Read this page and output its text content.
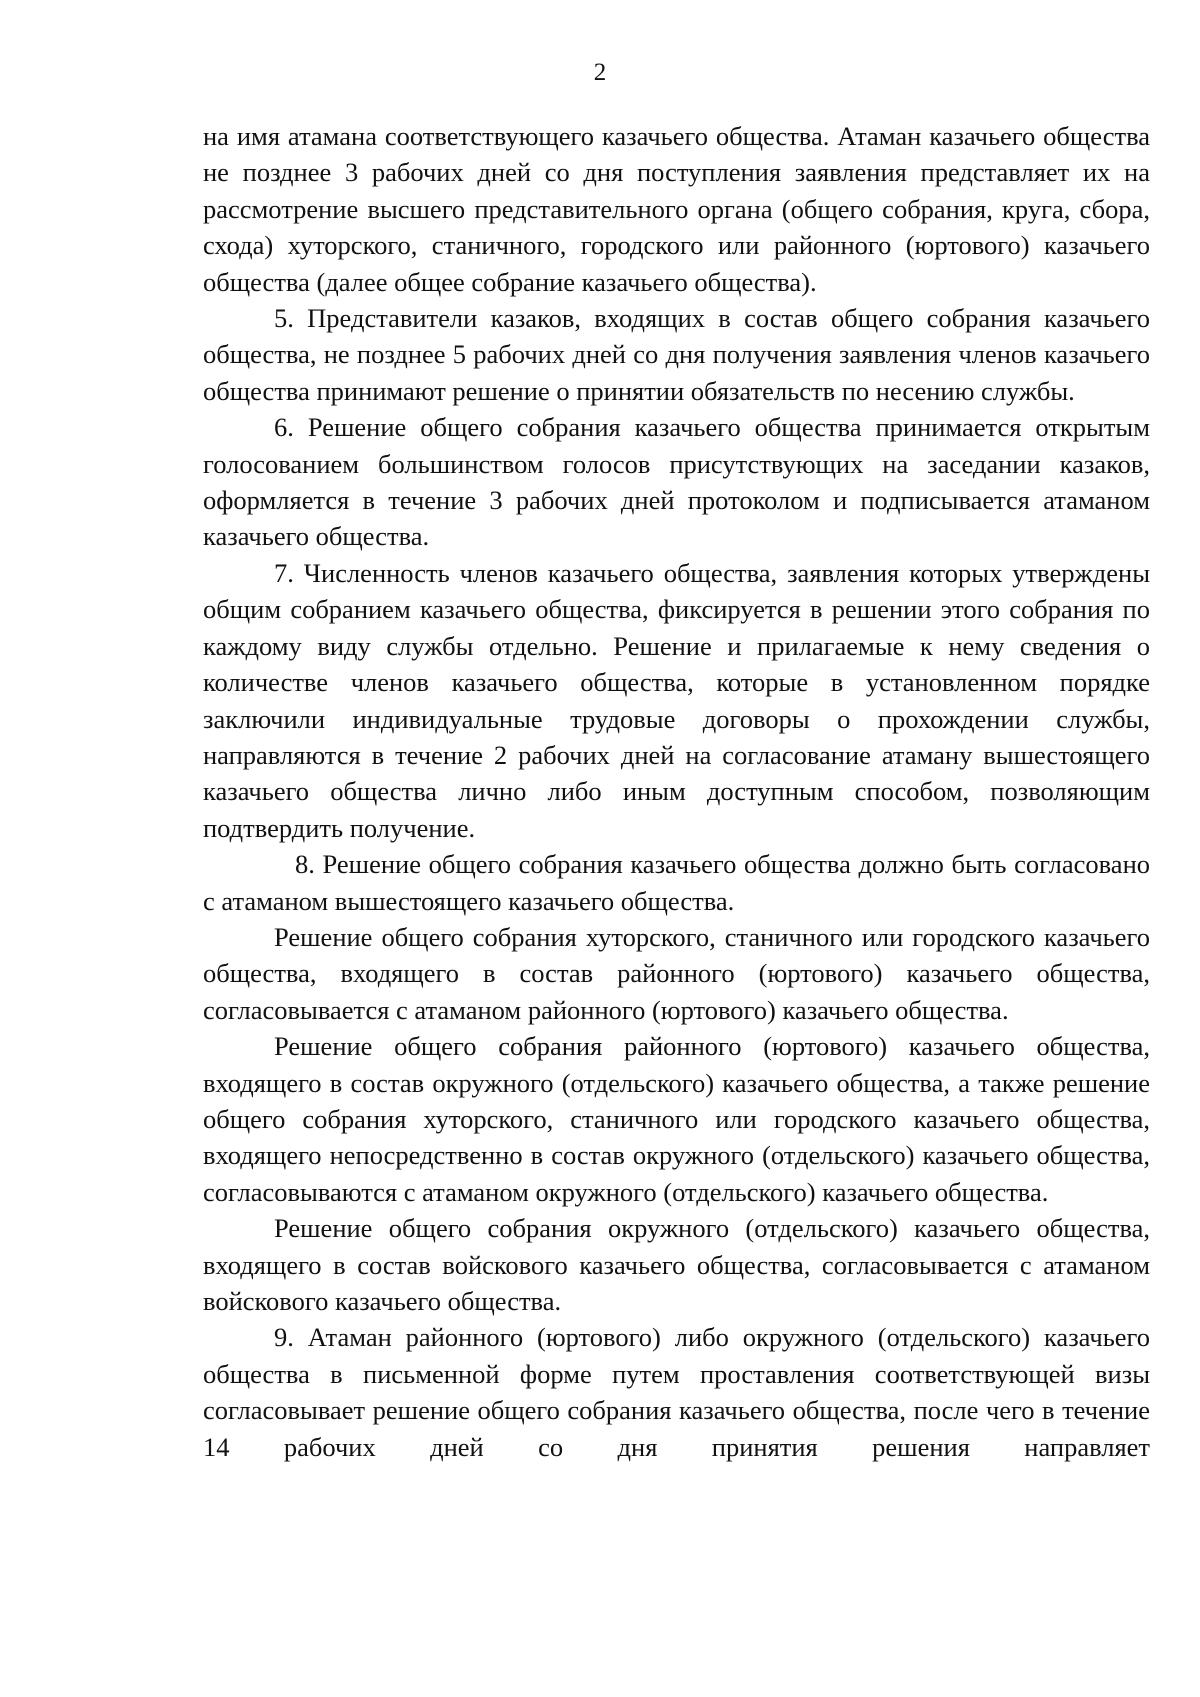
2

на имя атамана соответствующего казачьего общества. Атаман казачьего общества не позднее 3 рабочих дней со дня поступления заявления представляет их на рассмотрение высшего представительного органа (общего собрания, круга, сбора, схода) хуторского, станичного, городского или районного (юртового) казачьего общества (далее общее собрание казачьего общества).

5. Представители казаков, входящих в состав общего собрания казачьего общества, не позднее 5 рабочих дней со дня получения заявления членов казачьего общества принимают решение о принятии обязательств по несению службы.

6. Решение общего собрания казачьего общества принимается открытым голосованием большинством голосов присутствующих на заседании казаков, оформляется в течение 3 рабочих дней протоколом и подписывается атаманом казачьего общества.

7. Численность членов казачьего общества, заявления которых утверждены общим собранием казачьего общества, фиксируется в решении этого собрания по каждому виду службы отдельно. Решение и прилагаемые к нему сведения о количестве членов казачьего общества, которые в установленном порядке заключили индивидуальные трудовые договоры о прохождении службы, направляются в течение 2 рабочих дней на согласование атаману вышестоящего казачьего общества лично либо иным доступным способом, позволяющим подтвердить получение.

8. Решение общего собрания казачьего общества должно быть согласовано с атаманом вышестоящего казачьего общества.

Решение общего собрания хуторского, станичного или городского казачьего общества, входящего в состав районного (юртового) казачьего общества, согласовывается с атаманом районного (юртового) казачьего общества.

Решение общего собрания районного (юртового) казачьего общества, входящего в состав окружного (отдельского) казачьего общества, а также решение общего собрания хуторского, станичного или городского казачьего общества, входящего непосредственно в состав окружного (отдельского) казачьего общества, согласовываются с атаманом окружного (отдельского) казачьего общества.

Решение общего собрания окружного (отдельского) казачьего общества, входящего в состав войскового казачьего общества, согласовывается с атаманом войскового казачьего общества.

9. Атаман районного (юртового) либо окружного (отдельского) казачьего общества в письменной форме путем проставления соответствующей визы согласовывает решение общего собрания казачьего общества, после чего в течение 14 рабочих дней со дня принятия решения направляет
